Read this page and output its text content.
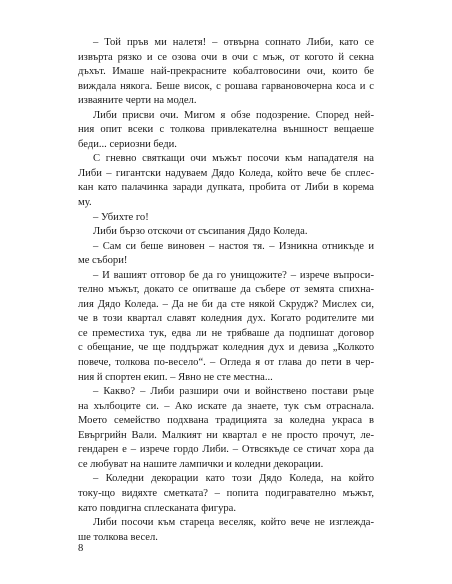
– Той пръв ми налетя! – отвърна сопнато Либи, като се
извърта рязко и се озова очи в очи с мъж, от когото й секна
дъхът. Имаше най-прекрасните кобалтовосини очи, които бе
виждала някога. Беше висок, с рошава гарвановочерна коса и с
изваяните черти на модел.
Либи присви очи. Мигом я обзе подозрение. Според ней-
ния опит всеки с толкова привлекателна външност вещаеше
беди... сериозни беди.
С гневно святкащи очи мъжът посочи към нападателя на
Либи – гигантски надуваем Дядо Коледа, който вече бе сплес-
кан като палачинка заради дупката, пробита от Либи в корема
му.
– Убихте го!
Либи бързо отскочи от съсипания Дядо Коледа.
– Сам си беше виновен – настоя тя. – Изникна отникъде и
ме събори!
– И вашият отговор бе да го унищожите? – изрече въпроси-
телно мъжът, докато се опитваше да събере от земята спихна-
лия Дядо Коледа. – Да не би да сте някой Скрудж? Мислех си,
че в този квартал славят коледния дух. Когато родителите ми
се преместиха тук, едва ли не трябваше да подпишат договор
с обещание, че ще поддържат коледния дух и девиза „Колкото
повече, толкова по-весело“. – Огледа я от глава до пети в чер-
ния й спортен екип. – Явно не сте местна...
– Какво? – Либи разшири очи и войнствено постави ръце
на хълбоците си. – Ако искате да знаете, тук съм отраснала.
Моето семейство подхвана традицията за коледна украса в
Евъргрийн Вали. Малкият ни квартал е не просто прочут, ле-
гендарен е – изрече гордо Либи. – Отвсякъде се стичат хора да
се любуват на нашите лампички и коледни декорации.
– Коледни декорации като този Дядо Коледа, на който
току-що видяхте сметката? – попита подигравателно мъжът,
като повдигна сплесканата фигура.
Либи посочи към стареца веселяк, който вече не изглежда-
ше толкова весел.
8
